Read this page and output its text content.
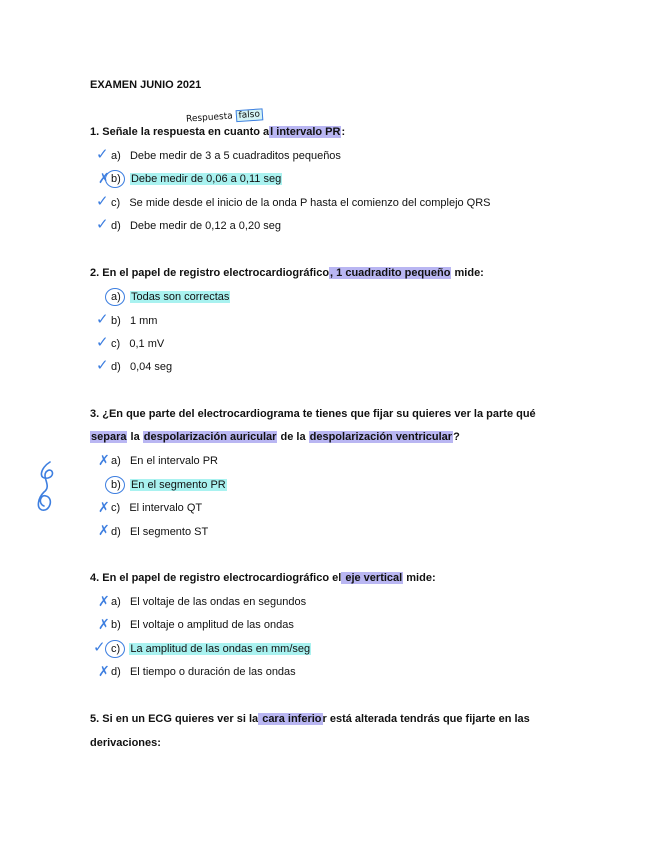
EXAMEN JUNIO 2021
Respuesta falso
1. Señale la respuesta en cuanto al intervalo PR:
✓ a) Debe medir de 3 a 5 cuadraditos pequeños
✗ b) Debe medir de 0,06 a 0,11 seg
✓ c) Se mide desde el inicio de la onda P hasta el comienzo del complejo QRS
✓ d) Debe medir de 0,12 a 0,20 seg
2. En el papel de registro electrocardiográfico, 1 cuadradito pequeño mide:
a) Todas son correctas
✓ b) 1 mm
✓ c) 0,1 mV
✓ d) 0,04 seg
3. ¿En que parte del electrocardiograma te tienes que fijar su quieres ver la parte qué
separa la despolarización auricular de la despolarización ventricular?
✗ a) En el intervalo PR
b) En el segmento PR
✗ c) El intervalo QT
✗ d) El segmento ST
4. En el papel de registro electrocardiográfico el eje vertical mide:
✗ a) El voltaje de las ondas en segundos
✗ b) El voltaje o amplitud de las ondas
✓ c) La amplitud de las ondas en mm/seg
✗ d) El tiempo o duración de las ondas
5. Si en un ECG quieres ver si la cara inferior está alterada tendrás que fijarte en las
derivaciones:
